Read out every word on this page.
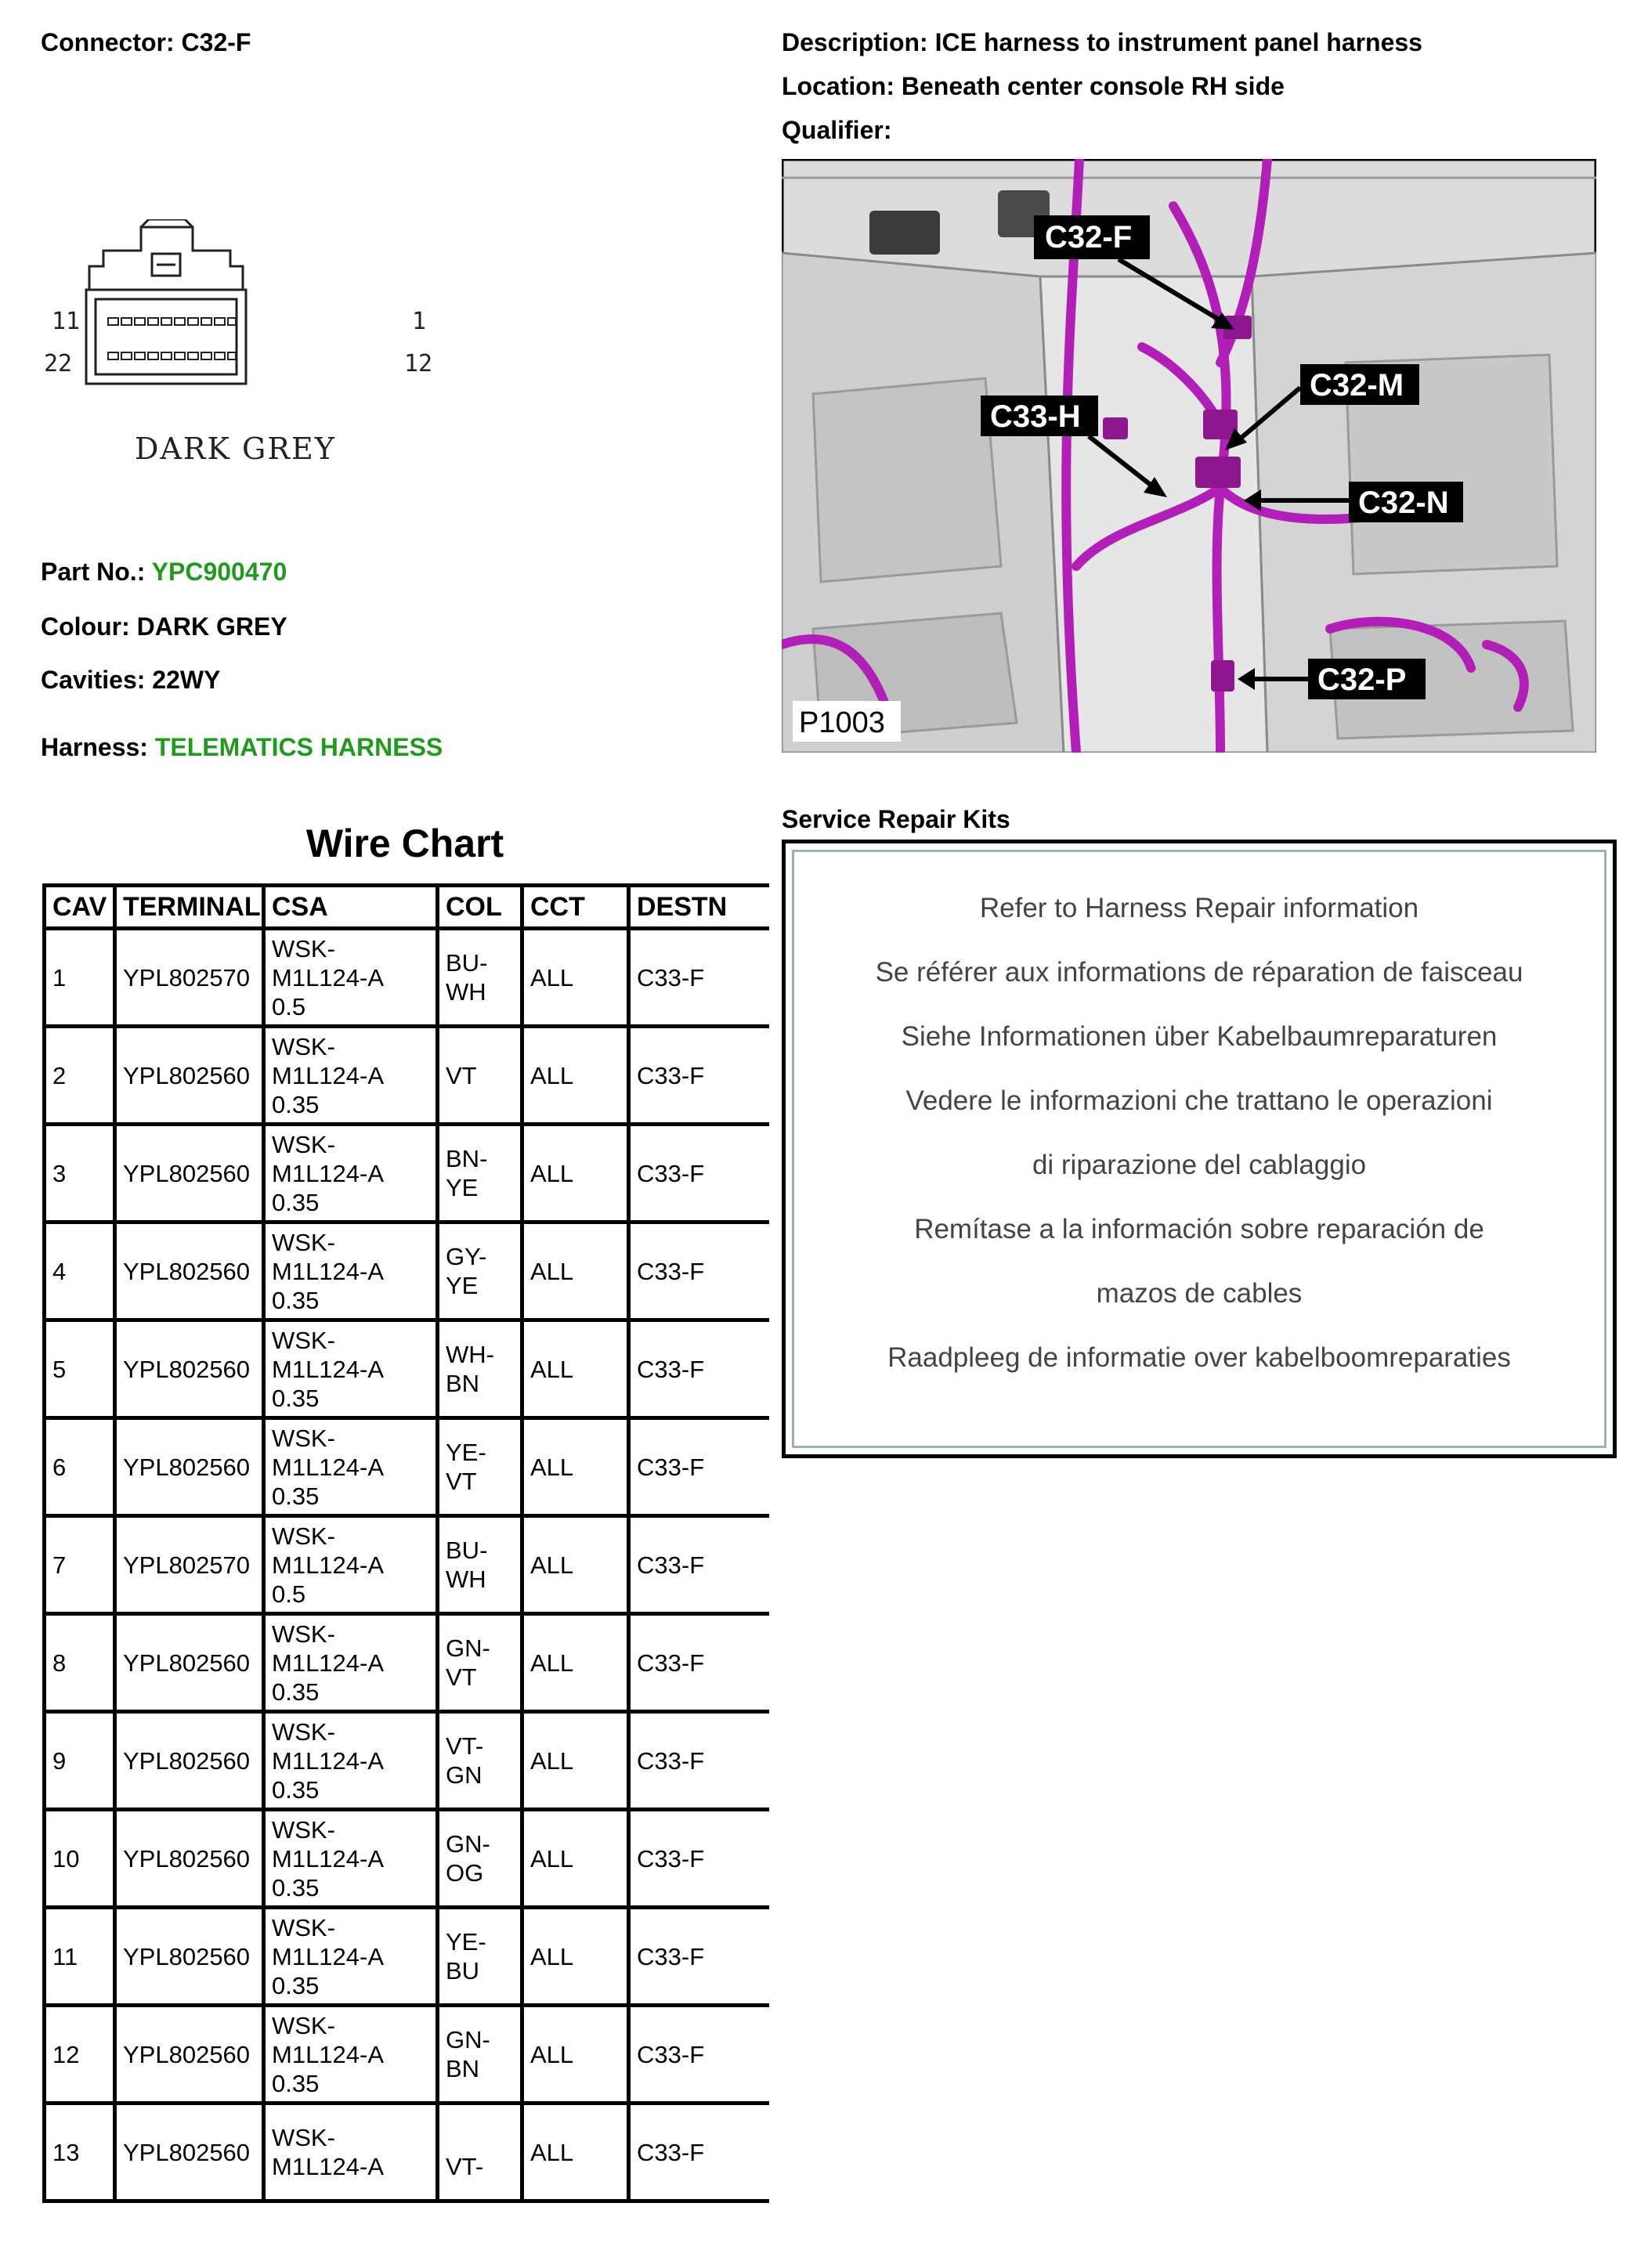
Connector: C32-F
11	1
22	12
DARK GREY
Part No.: YPC900470
Colour: DARK GREY
Cavities: 22WY
Harness: TELEMATICS HARNESS
Description: ICE harness to instrument panel harness
Location: Beneath center console RH side
Qualifier:
C32-F
C32-M
C33-H
C32-N
C32-P
P1003
Service Repair Kits
Refer to Harness Repair information
Se référer aux informations de réparation de faisceau
Siehe Informationen über Kabelbaumreparaturen
Vedere le informazioni che trattano le operazioni
di riparazione del cablaggio
Remítase a la información sobre reparación de
mazos de cables
Raadpleeg de informatie over kabelboomreparaties
Wire Chart
CAV	TERMINAL	CSA	COL	CCT	DESTN
1	YPL802570	WSK-
M1L124-A
0.5	BU-
WH	ALL	C33-F
2	YPL802560	WSK-
M1L124-A
0.35	VT	ALL	C33-F
3	YPL802560	WSK-
M1L124-A
0.35	BN-
YE	ALL	C33-F
4	YPL802560	WSK-
M1L124-A
0.35	GY-
YE	ALL	C33-F
5	YPL802560	WSK-
M1L124-A
0.35	WH-
BN	ALL	C33-F
6	YPL802560	WSK-
M1L124-A
0.35	YE-
VT	ALL	C33-F
7	YPL802570	WSK-
M1L124-A
0.5	BU-
WH	ALL	C33-F
8	YPL802560	WSK-
M1L124-A
0.35	GN-
VT	ALL	C33-F
9	YPL802560	WSK-
M1L124-A
0.35	VT-
GN	ALL	C33-F
10	YPL802560	WSK-
M1L124-A
0.35	GN-
OG	ALL	C33-F
11	YPL802560	WSK-
M1L124-A
0.35	YE-
BU	ALL	C33-F
12	YPL802560	WSK-
M1L124-A
0.35	GN-
BN	ALL	C33-F
13	YPL802560	WSK-
M1L124-A	VT-	ALL	C33-F
